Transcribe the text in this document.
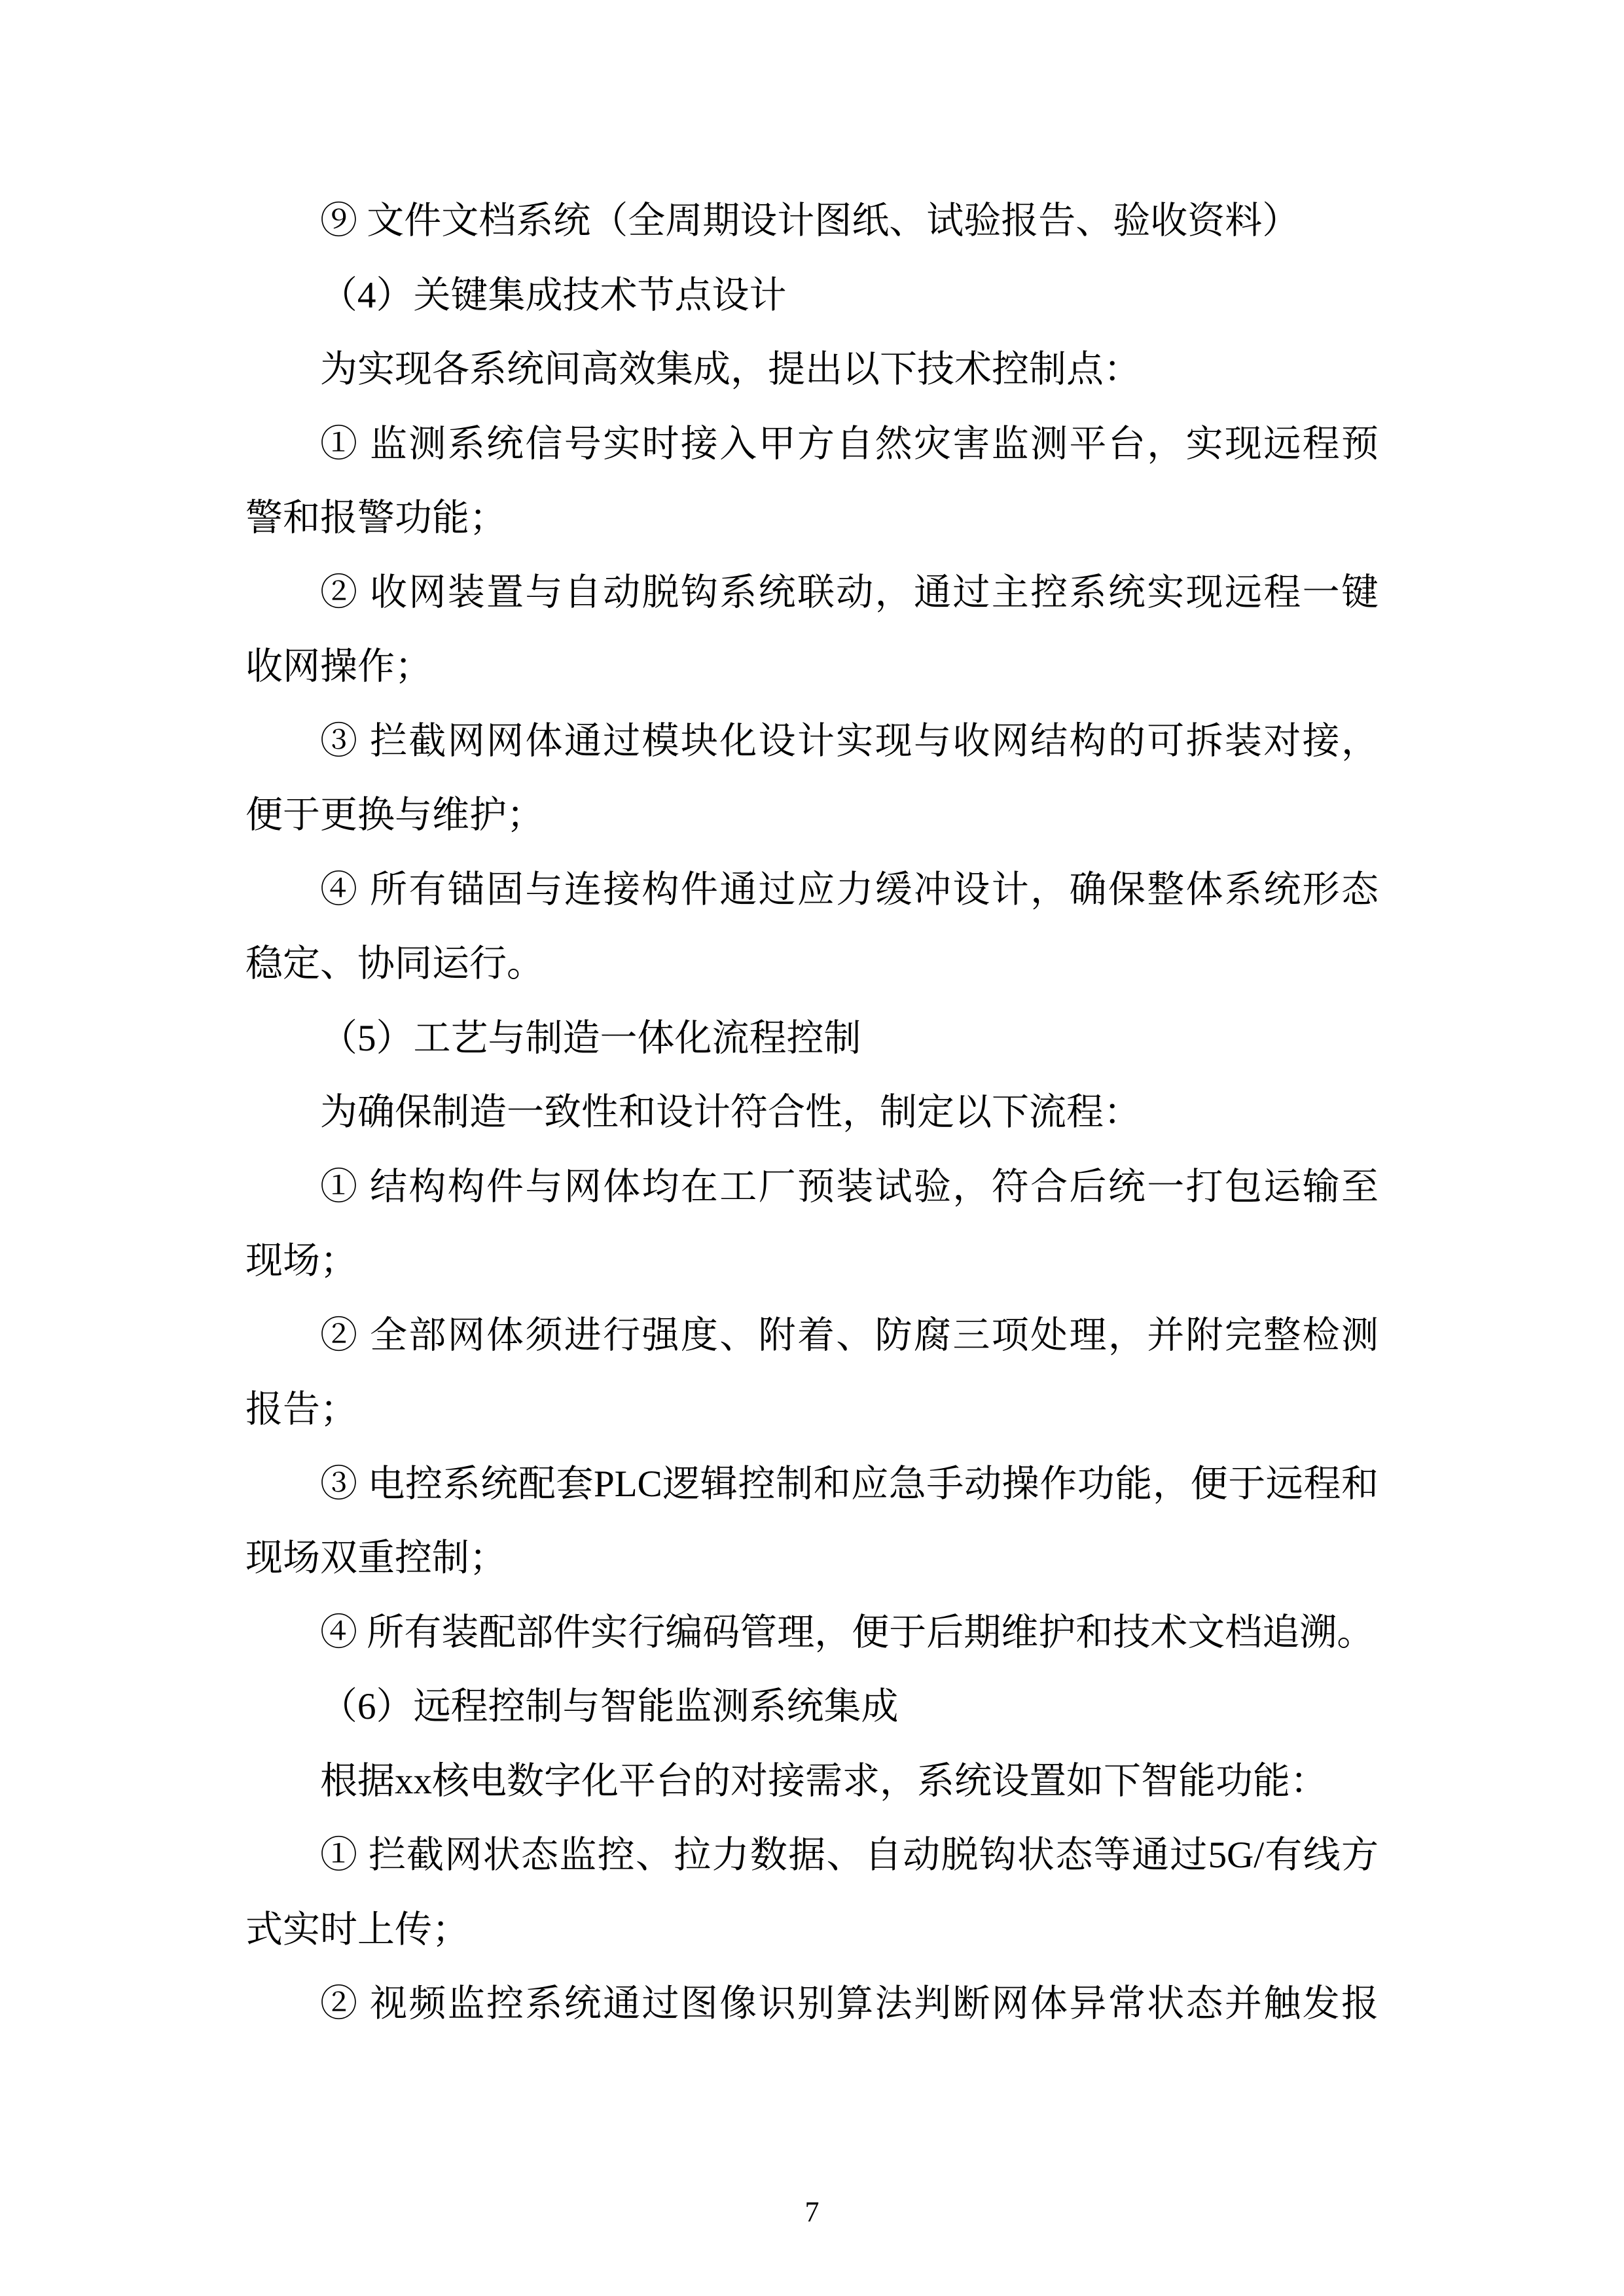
⑨ 文件文档系统（全周期设计图纸、试验报告、验收资料）
（4）关键集成技术节点设计
为实现各系统间高效集成，提出以下技术控制点：
① 监测系统信号实时接入甲方自然灾害监测平台，实现远程预
警和报警功能；
② 收网装置与自动脱钩系统联动，通过主控系统实现远程一键
收网操作；
③ 拦截网网体通过模块化设计实现与收网结构的可拆装对接，
便于更换与维护；
④ 所有锚固与连接构件通过应力缓冲设计，确保整体系统形态
稳定、协同运行。
（5）工艺与制造一体化流程控制
为确保制造一致性和设计符合性，制定以下流程：
① 结构构件与网体均在工厂预装试验，符合后统一打包运输至
现场；
② 全部网体须进行强度、附着、防腐三项处理，并附完整检测
报告；
③ 电控系统配套PLC逻辑控制和应急手动操作功能，便于远程和
现场双重控制；
④ 所有装配部件实行编码管理，便于后期维护和技术文档追溯。
（6）远程控制与智能监测系统集成
根据xx核电数字化平台的对接需求，系统设置如下智能功能：
① 拦截网状态监控、拉力数据、自动脱钩状态等通过5G/有线方
式实时上传；
② 视频监控系统通过图像识别算法判断网体异常状态并触发报
7
